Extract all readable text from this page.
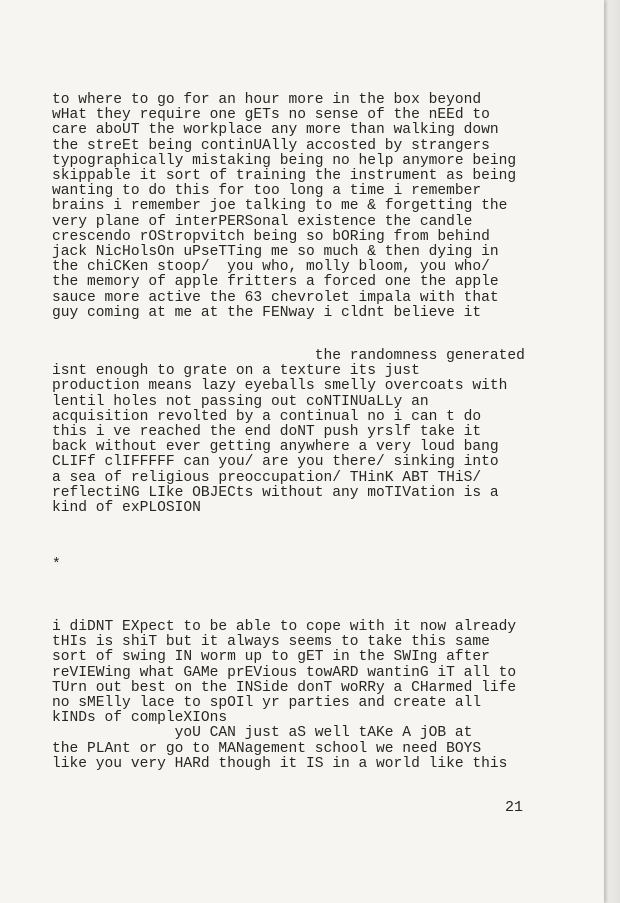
to where to go for an hour more in the box beyond
wHat they require one gETs no sense of the nEEd to
care aboUT the workplace any more than walking down
the streEt being continUAlly accosted by strangers
typographically mistaking being no help anymore being
skippable it sort of training the instrument as being
wanting to do this for too long a time i remember
brains i remember joe talking to me & forgetting the
very plane of interPERSonal existence the candle
crescendo rOStropvitch being so bORing from behind
jack NicHolsOn uPseTTing me so much & then dying in
the chiCKen stoop/  you who, molly bloom, you who/
the memory of apple fritters a forced one the apple
sauce more active the 63 chevrolet impala with that
guy coming at me at the FENway i cldnt believe it
the randomness generated
isnt enough to grate on a texture its just
production means lazy eyeballs smelly overcoats with
lentil holes not passing out coNTINUaLLy an
acquisition revolted by a continual no i can t do
this i ve reached the end doNT push yrslf take it
back without ever getting anywhere a very loud bang
CLIFf clIFFFFF can you/ are you there/ sinking into
a sea of religious preoccupation/ THinK ABT THiS/
reflectiNG LIke OBJECts without any moTIVation is a
kind of exPLOSION
*
i diDNT EXpect to be able to cope with it now already
tHIs is shiT but it always seems to take this same
sort of swing IN worm up to gET in the SWIng after
reVIEWing what GAMe prEVious towARD wantinG iT all to
TUrn out best on the INSide donT woRRy a CHarmed life
no sMElly lace to spOIl yr parties and create all
kINDs of compleXIOns
yoU CAN just aS well tAKe A jOB at
the PLAnt or go to MANagement school we need BOYS
like you very HARd though it IS in a world like this
21
